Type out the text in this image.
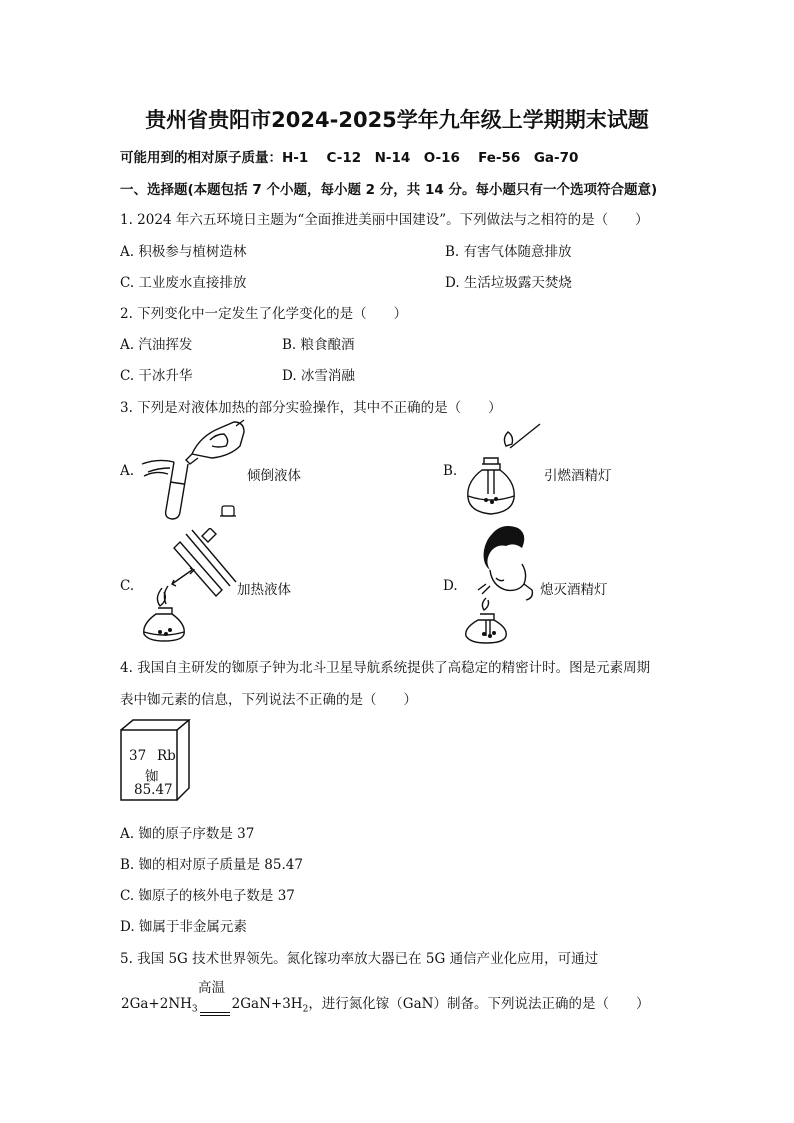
贵州省贵阳市2024-2025学年九年级上学期期末试题
可能用到的相对原子质量：H-1　 C-12　N-14　O-16　 Fe-56　Ga-70
一、选择题(本题包括 7 个小题，每小题 2 分，共 14 分。每小题只有一个选项符合题意)
1. 2024 年六五环境日主题为“全面推进美丽中国建设”。下列做法与之相符的是（　　）
A. 积极参与植树造林	B. 有害气体随意排放
C. 工业废水直接排放	D. 生活垃圾露天焚烧
2. 下列变化中一定发生了化学变化的是（　　）
A. 汽油挥发	B. 粮食酿酒
C. 干冰升华	D. 冰雪消融
3. 下列是对液体加热的部分实验操作，其中不正确的是（　　）
A.	倾倒液体	B.	引燃酒精灯
C.	加热液体	D.	熄灭酒精灯
4. 我国自主研发的铷原子钟为北斗卫星导航系统提供了高稳定的精密计时。图是元素周期
表中铷元素的信息，下列说法不正确的是（　　）
37 Rb
铷
85.47
A. 铷的原子序数是 37
B. 铷的相对原子质量是 85.47
C. 铷原子的核外电子数是 37
D. 铷属于非金属元素
5. 我国 5G 技术世界领先。氮化镓功率放大器已在 5G 通信产业化应用，可通过
$2Ga+2NH_3$	$2GaN+3H_2$，进行氮化镓（GaN）制备。下列说法正确的是（　　）
高温
